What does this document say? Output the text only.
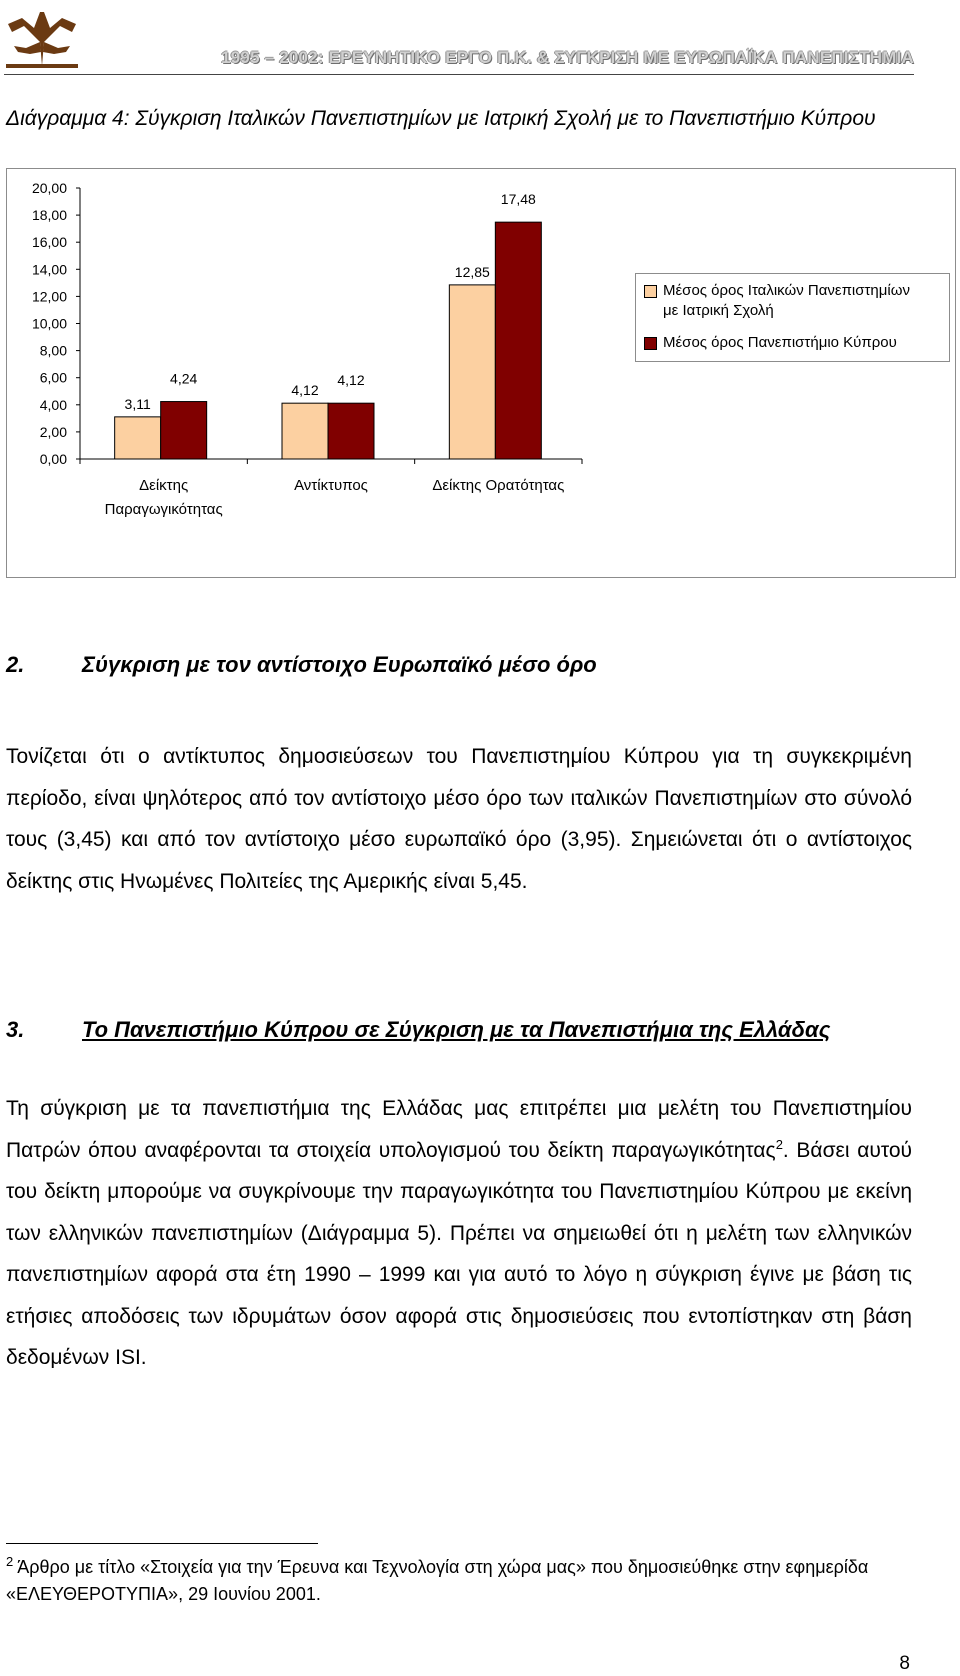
1995 – 2002: ΕΡΕΥΝΗΤΙΚΟ ΕΡΓΟ Π.Κ. & ΣΥΓΚΡΙΣΗ ΜΕ ΕΥΡΩΠΑΪΚΑ ΠΑΝΕΠΙΣΤΗΜΙΑ
Διάγραμμα 4: Σύγκριση Ιταλικών Πανεπιστημίων με Ιατρική Σχολή με το Πανεπιστήμιο Κύπρου
0,00
2,00
4,00
6,00
8,00
10,00
12,00
14,00
16,00
18,00
20,00
3,11
4,24
Δείκτης
Παραγωγικότητας
4,12
4,12
Αντίκτυπος
12,85
17,48
Δείκτης Ορατότητας
Μέσος όρος Ιταλικών Πανεπιστημίων
με Ιατρική Σχολή
Μέσος όρος Πανεπιστήμιο Κύπρου
2.	Σύγκριση με τον αντίστοιχο Ευρωπαϊκό μέσο όρο
Τονίζεται ότι ο αντίκτυπος δημοσιεύσεων του Πανεπιστημίου Κύπρου για τη συγκεκριμένη περίοδο, είναι ψηλότερος από τον αντίστοιχο μέσο όρο των ιταλικών Πανεπιστημίων στο σύνολό τους (3,45) και από τον αντίστοιχο μέσο ευρωπαϊκό όρο (3,95). Σημειώνεται ότι ο αντίστοιχος δείκτης στις Ηνωμένες Πολιτείες της Αμερικής είναι 5,45.
3.	Το Πανεπιστήμιο Κύπρου σε Σύγκριση με τα Πανεπιστήμια της Ελλάδας
Τη σύγκριση με τα πανεπιστήμια της Ελλάδας μας επιτρέπει μια μελέτη του Πανεπιστημίου Πατρών όπου αναφέρονται τα στοιχεία υπολογισμού του δείκτη παραγωγικότητας$^2$. Βάσει αυτού του δείκτη μπορούμε να συγκρίνουμε την παραγωγικότητα του Πανεπιστημίου Κύπρου με εκείνη των ελληνικών πανεπιστημίων (Διάγραμμα 5). Πρέπει να σημειωθεί ότι η μελέτη των ελληνικών πανεπιστημίων αφορά στα έτη 1990 – 1999 και για αυτό το λόγο η σύγκριση έγινε με βάση τις ετήσιες αποδόσεις των ιδρυμάτων όσον αφορά στις δημοσιεύσεις που εντοπίστηκαν στη βάση δεδομένων ISI.
$^2$ Άρθρο με τίτλο «Στοιχεία για την Έρευνα και Τεχνολογία στη χώρα μας» που δημοσιεύθηκε στην εφημερίδα «ΕΛΕΥΘΕΡΟΤΥΠΙΑ», 29 Ιουνίου 2001.
8
